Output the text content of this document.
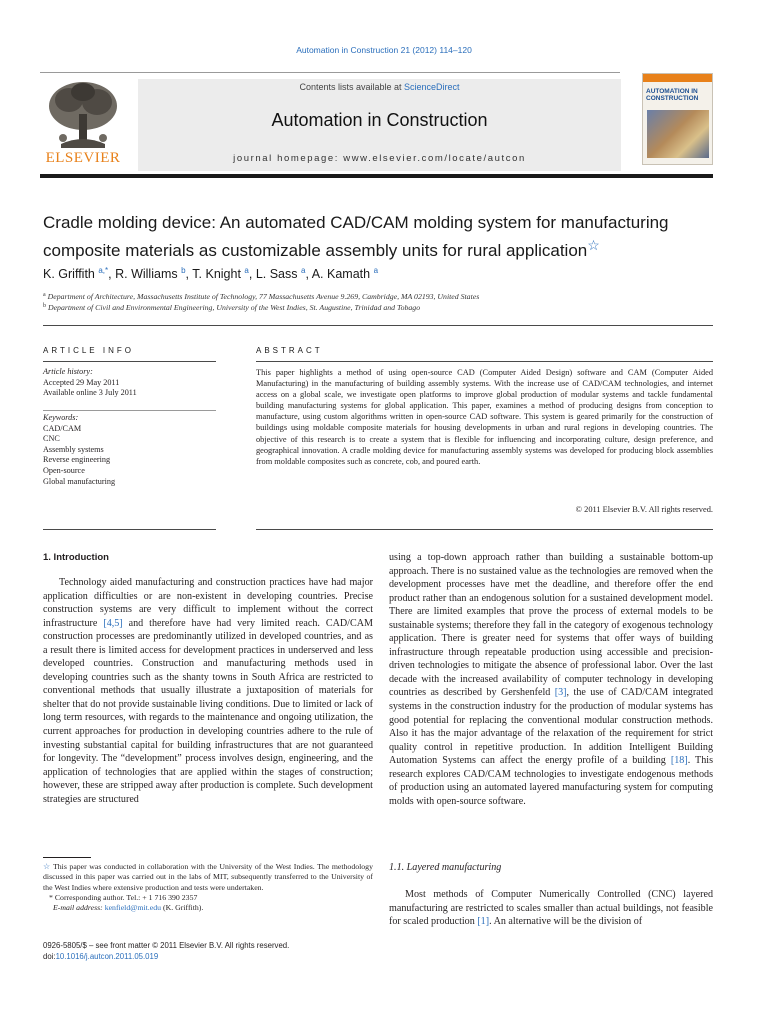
Automation in Construction 21 (2012) 114–120
ELSEVIER
Contents lists available at ScienceDirect
Automation in Construction
journal homepage: www.elsevier.com/locate/autcon
AUTOMATION IN CONSTRUCTION
Cradle molding device: An automated CAD/CAM molding system for manufacturing composite materials as customizable assembly units for rural application☆
K. Griffith $^{a,*}$, R. Williams $^b$, T. Knight $^a$, L. Sass $^a$, A. Kamath $^a$
$^a$ Department of Architecture, Massachusetts Institute of Technology, 77 Massachusetts Avenue 9.269, Cambridge, MA 02193, United States
$^b$ Department of Civil and Environmental Engineering, University of the West Indies, St. Augustine, Trinidad and Tobago
ARTICLE INFO	ABSTRACT
Article history:
Accepted 29 May 2011
Available online 3 July 2011
Keywords:
CAD/CAM
CNC
Assembly systems
Reverse engineering
Open-source
Global manufacturing
This paper highlights a method of using open-source CAD (Computer Aided Design) software and CAM (Computer Aided Manufacturing) in the manufacturing of building assembly systems. With the increase use of CAD/CAM technologies, and internet access on a global scale, we investigate open platforms to improve global production of modular systems and tackle fundamental building manufacturing systems for global application. This paper, examines a method of producing designs from conception to manufacture, using custom algorithms written in open-source CAD software. This system is geared primarily for the construction of buildings using moldable composite materials for housing developments in urban and rural regions in developing countries. The objective of this research is to create a system that is flexible for influencing and incorporating culture, design preference, and geographical innovation. A cradle molding device for manufacturing assembly systems was developed for producing block assemblies from moldable composites such as concrete, cob, and poured earth.
© 2011 Elsevier B.V. All rights reserved.
1. Introduction

Technology aided manufacturing and construction practices have had major application difficulties or are non-existent in developing countries. Precise construction systems are very difficult to implement without the correct infrastructure [4,5] and therefore have had very limited reach. CAD/CAM construction processes are predominantly utilized in developed countries, and as a result there is limited access for development practices in underserved and less developed countries. Construction and manufacturing methods used in developing countries such as the shanty towns in South Africa are restricted to conventional methods that usually illustrate a juxtaposition of materials for shelter that do not provide sustainable living conditions. Due to limited or lack of long term resources, with regards to the maintenance and ongoing utilization, the current approaches for production in developing countries adhere to the rule of investing substantial capital for building infrastructures that are not guaranteed for longevity. The “development” process involves design, engineering, and the application of technologies that are applied within the stages of construction; however, these are stripped away after production is complete. Such development strategies are structured

using a top-down approach rather than building a sustainable bottom-up approach. There is no sustained value as the technologies are removed when the development processes have met the deadline, and therefore offer the end product rather than an endogenous solution for a sustained development model. There are limited examples that prove the process of external models to be sustainable systems; therefore they fall in the category of exogenous technology application. There is greater need for systems that offer ways of building infrastructure through repeatable production using accessible and precision-driven technologies to mitigate the absence of professional labor. Over the last decade with the increased availability of computer technology in developing countries as described by Gershenfeld [3], the use of CAD/CAM integrated systems in the construction industry for the production of modular systems has good potential for replacing the conventional modular construction methods. Also it has the major advantage of the relaxation of the requirement for strict quality control in repetitive production. In addition Intelligent Building Automation Systems can affect the energy profile of a building [18]. This research explores CAD/CAM technologies to investigate endogenous methods of production using an automated layered manufacturing system for computing molds with open-source software.

1.1. Layered manufacturing

Most methods of Computer Numerically Controlled (CNC) layered manufacturing are restricted to scales smaller than actual buildings, not feasible for scaled production [1]. An alternative will be the division of

☆ This paper was conducted in collaboration with the University of the West Indies. The methodology discussed in this paper was carried out in the labs of MIT, subsequently transferred to the University of the West Indies where extensive production and tests were undertaken.

* Corresponding author. Tel.: + 1 716 390 2357

E-mail address: kenfield@mit.edu (K. Griffith).

0926-5805/$ – see front matter © 2011 Elsevier B.V. All rights reserved.
doi:10.1016/j.autcon.2011.05.019
